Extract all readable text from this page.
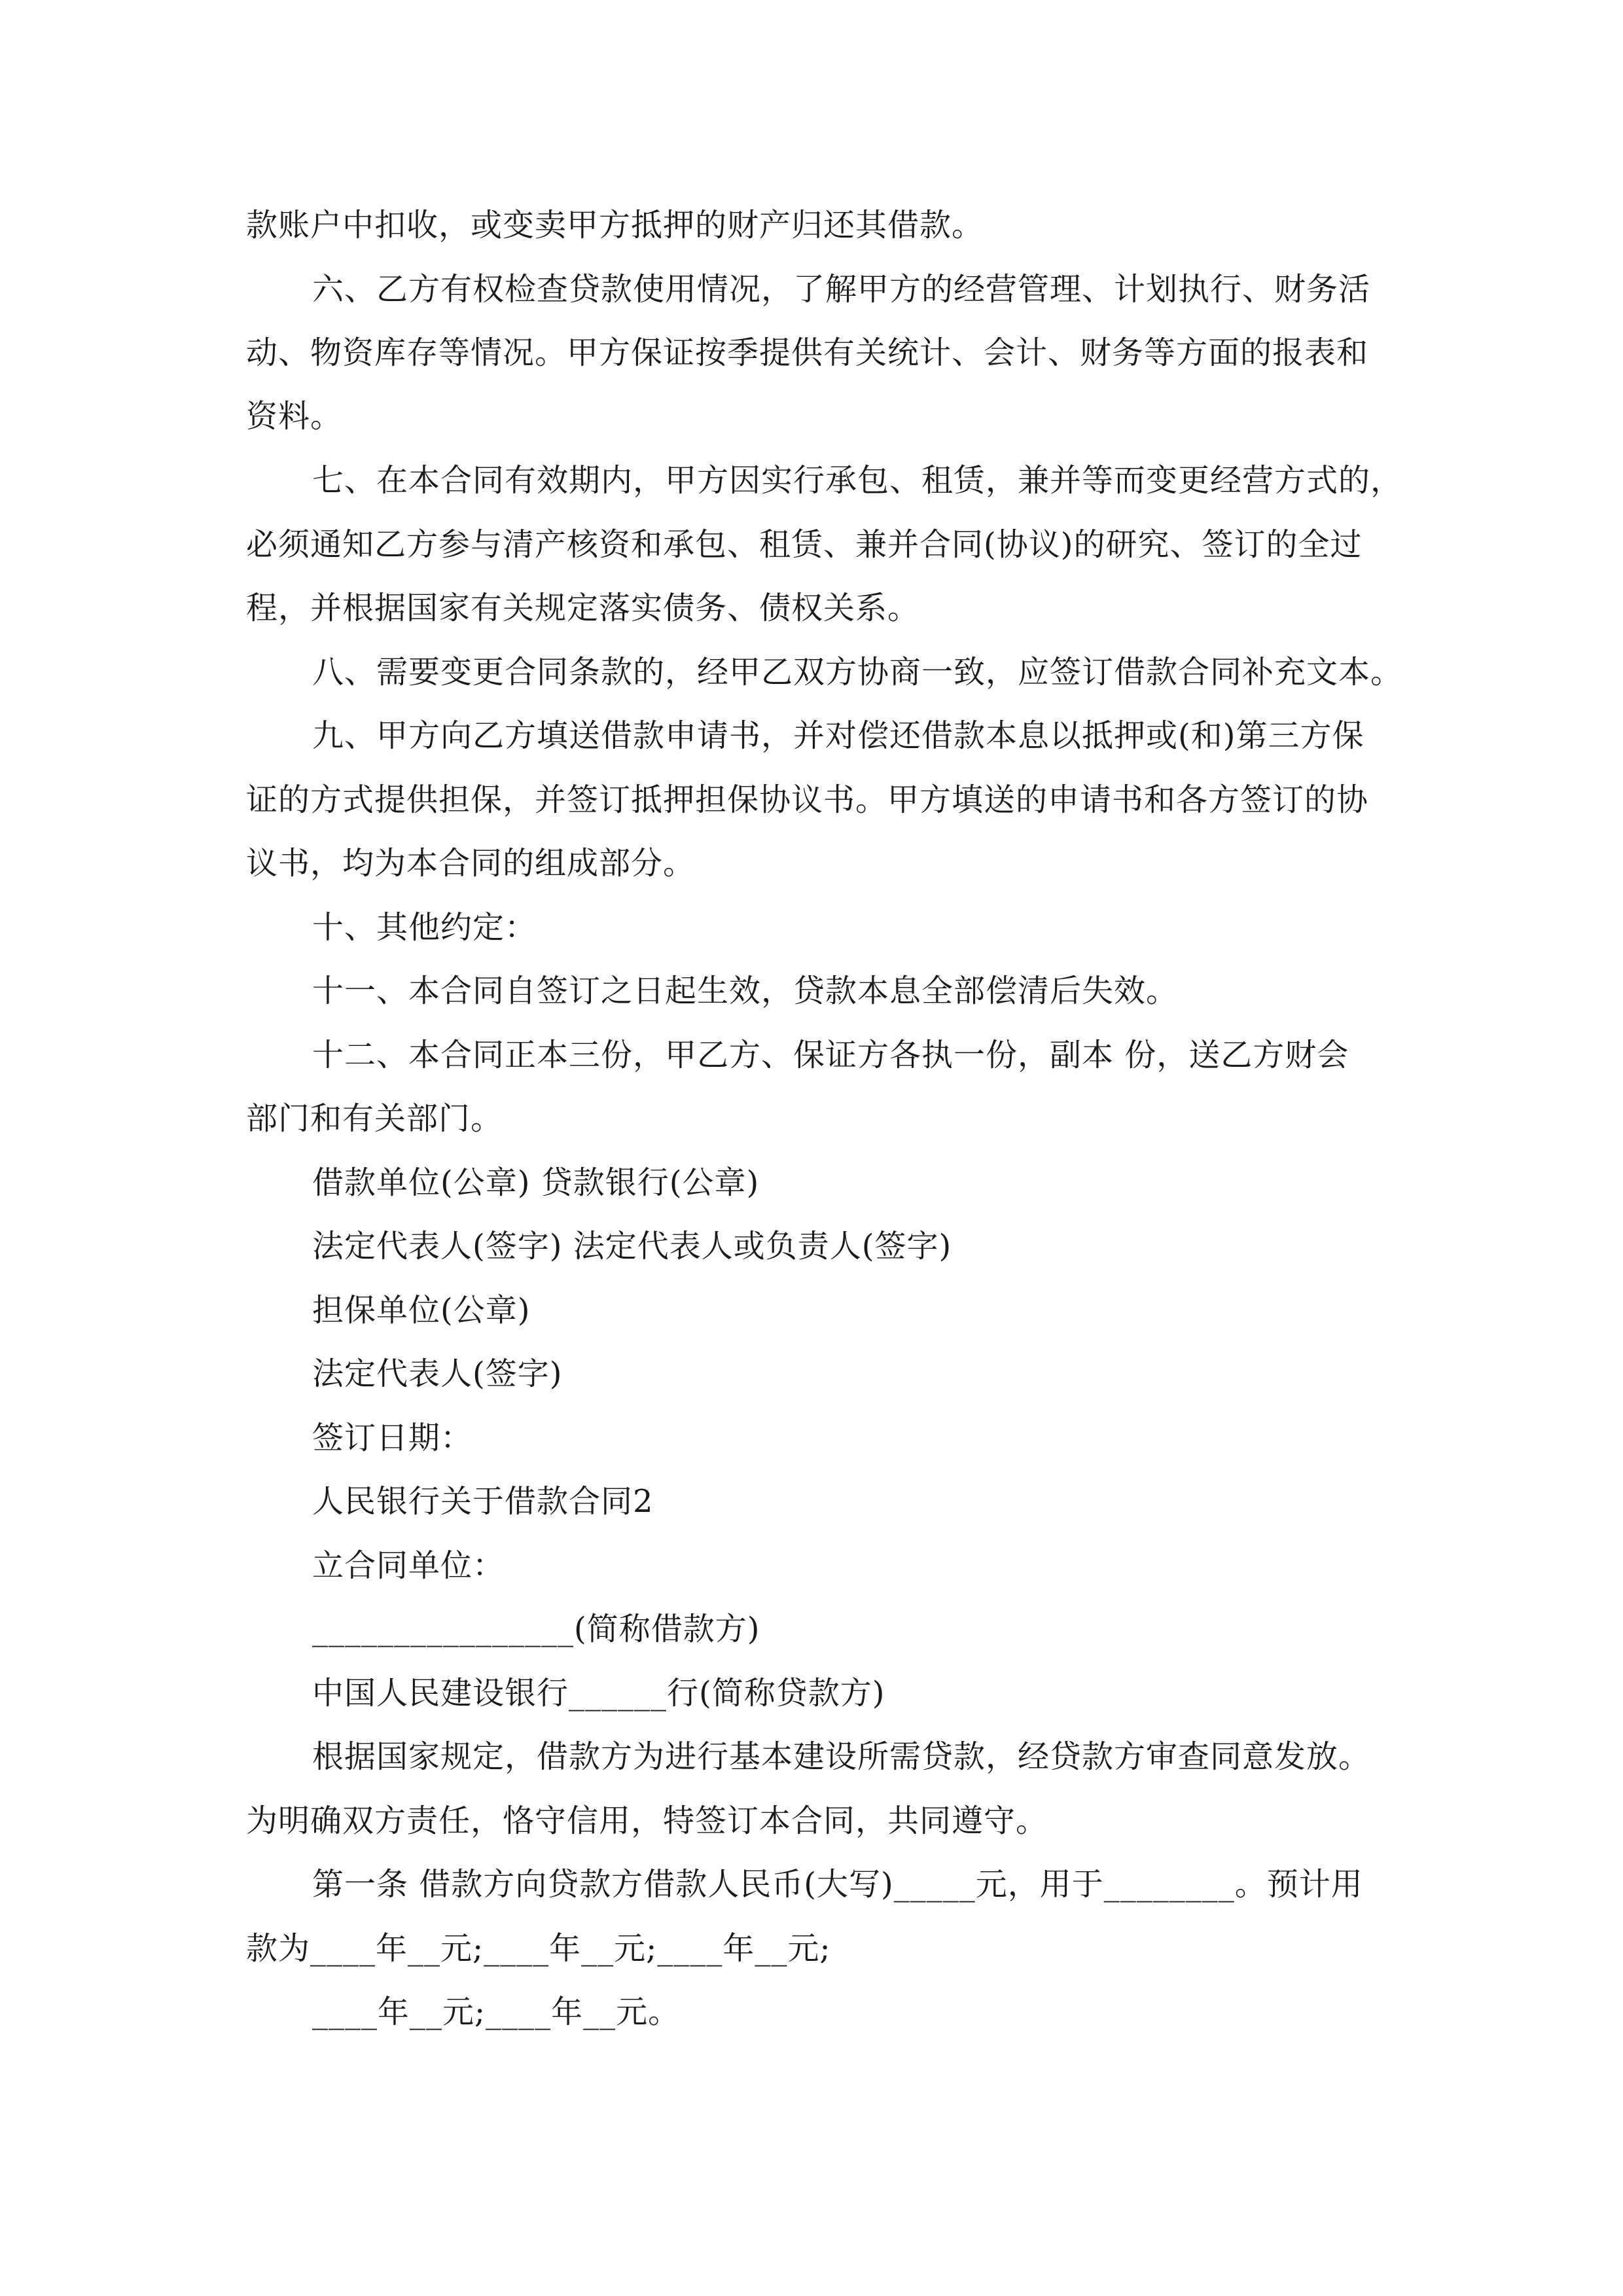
款账户中扣收，或变卖甲方抵押的财产归还其借款。
六、乙方有权检查贷款使用情况，了解甲方的经营管理、计划执行、财务活
动、物资库存等情况。甲方保证按季提供有关统计、会计、财务等方面的报表和
资料。
七、在本合同有效期内，甲方因实行承包、租赁，兼并等而变更经营方式的，
必须通知乙方参与清产核资和承包、租赁、兼并合同(协议)的研究、签订的全过
程，并根据国家有关规定落实债务、债权关系。
八、需要变更合同条款的，经甲乙双方协商一致，应签订借款合同补充文本。
九、甲方向乙方填送借款申请书，并对偿还借款本息以抵押或(和)第三方保
证的方式提供担保，并签订抵押担保协议书。甲方填送的申请书和各方签订的协
议书，均为本合同的组成部分。
十、其他约定：
十一、本合同自签订之日起生效，贷款本息全部偿清后失效。
十二、本合同正本三份，甲乙方、保证方各执一份，副本 份，送乙方财会
部门和有关部门。
借款单位(公章) 贷款银行(公章)
法定代表人(签字) 法定代表人或负责人(签字)
担保单位(公章)
法定代表人(签字)
签订日期：
人民银行关于借款合同2
立合同单位：
________________(简称借款方)
中国人民建设银行______行(简称贷款方)
根据国家规定，借款方为进行基本建设所需贷款，经贷款方审查同意发放。
为明确双方责任，恪守信用，特签订本合同，共同遵守。
第一条 借款方向贷款方借款人民币(大写)_____元，用于________。预计用
款为____年__元;____年__元;____年__元;
____年__元;____年__元。
